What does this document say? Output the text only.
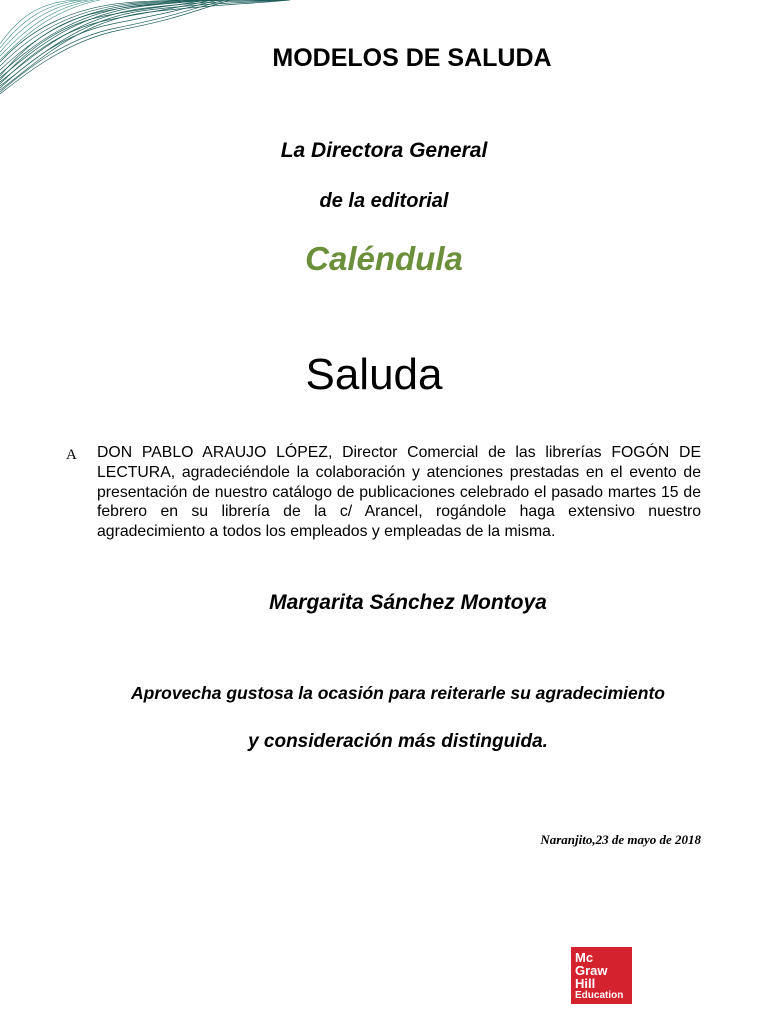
MODELOS DE SALUDA

La Directora General

de la editorial

Caléndula

Saluda

A DON PABLO ARAUJO LÓPEZ, Director Comercial de las librerías FOGÓN DE LECTURA, agradeciéndole la colaboración y atenciones prestadas en el evento de presentación de nuestro catálogo de publicaciones celebrado el pasado martes 15 de febrero en su librería de la c/ Arancel, rogándole haga extensivo nuestro agradecimiento a todos los empleados y empleadas de la misma.

Margarita Sánchez Montoya

Aprovecha gustosa la ocasión para reiterarle su agradecimiento

y consideración más distinguida.

Naranjito,23 de mayo de 2018

Mc
Graw
Hill
Education
